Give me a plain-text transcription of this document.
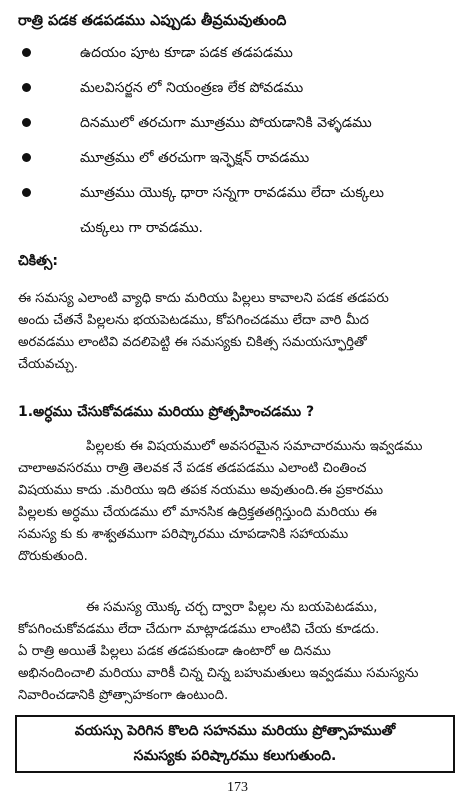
రాత్రి పడక తడపడము ఎప్పుడు తీవ్రమవుతుంది
ఉదయం పూట కూడా పడక తడపడము
మలవిసర్జన లో నియంత్రణ లేక పోవడము
దినములో తరచుగా మూత్రము పోయడానికి వెళ్ళడము
మూత్రము లో తరచుగా ఇన్ఫెక్షన్ రావడము
మూత్రము యొక్క ధారా సన్నగా రావడము లేదా చుక్కలు
చుక్కలు గా రావడము.
చికిత్స:
ఈ సమస్య ఎలాంటి వ్యాధి కాదు మరియు పిల్లలు కావాలని పడక తడపరు
అందు చేతనే పిల్లలను భయపెటడము, కోపగించడము లేదా వారి మీద
అరవడము లాంటివి వదలిపెట్టి ఈ సమస్యకు చికిత్స సమయస్ఫూర్తితో
చేయవచ్చు.
1.అర్ధము చేసుకోవడము మరియు ప్రోత్సహించడము ?
పిల్లలకు ఈ విషయములో అవసరమైన సమాచారమును ఇవ్వడము
చాలాఅవసరము రాత్రి తెలవక నే పడక తడపడము ఎలాంటి చింతించ
విషయము కాదు .మరియు ఇది తపక నయము అవుతుంది.ఈ ప్రకారము
పిల్లలకు అర్ధము చేయడము లో మానసిక ఉద్రిక్తతతగ్గిస్తుంది మరియు ఈ
సమస్య కు కు శాశ్వతముగా పరిష్కారము చూపడానికి సహాయము
దొరుకుతుంది.
ఈ సమస్య యొక్క చర్చ ద్వారా పిల్లల ను బయపెటడము,
కోపగించుకోవడము లేదా చేదుగా మాట్లాడడము లాంటివి చేయ కూడదు.
ఏ రాత్రి అయితే పిల్లలు పడక తడపకుండా ఉంటారో అ దినము
అభినందించాలి మరియు వారికీ చిన్న చిన్న బహుమతులు ఇవ్వడము సమస్యను
నివారించడానికి ప్రోత్సాహకంగా ఉంటుంది.
వయస్సు పెరిగిన కొలది సహనము మరియు ప్రోత్సాహముతో
సమస్యకు పరిష్కారము కలుగుతుంది.
173
